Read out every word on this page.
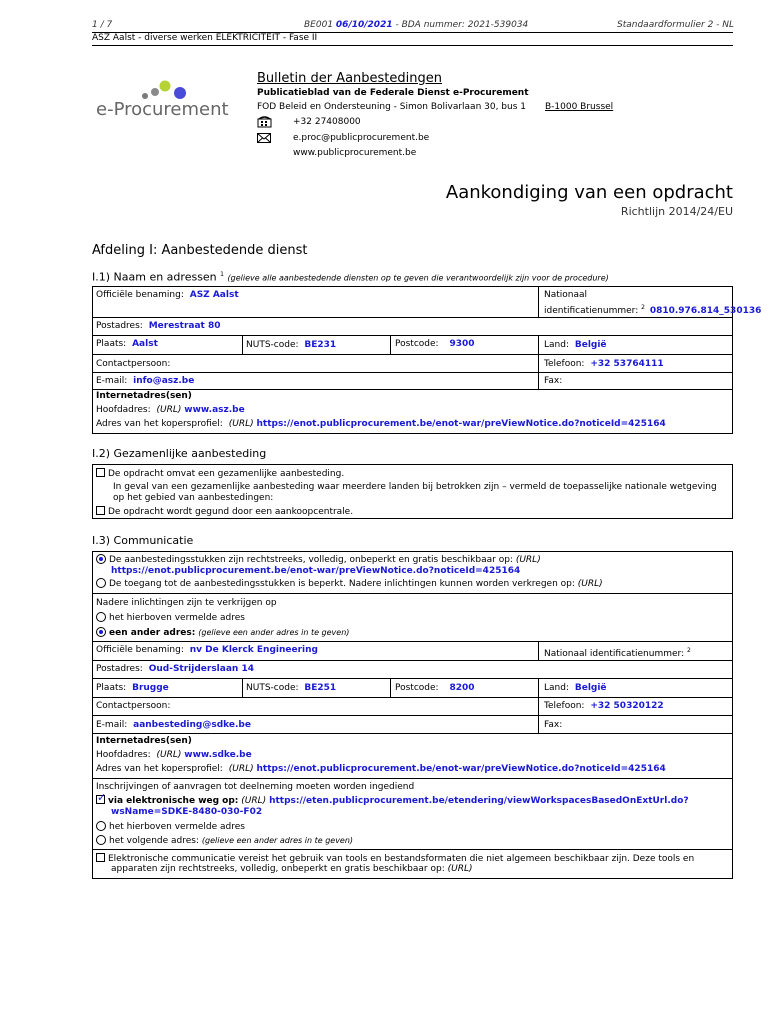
1 / 7	BE001 06/10/2021 - BDA nummer: 2021-539034	Standaardformulier 2 - NL
ASZ Aalst - diverse werken ELEKTRICITEIT - Fase II
e-Procurement
Bulletin der Aanbestedingen
Publicatieblad van de Federale Dienst e-Procurement
FOD Beleid en Ondersteuning - Simon Bolivarlaan 30, bus 1 B-1000 Brussel
+32 27408000
e.proc@publicprocurement.be
www.publicprocurement.be
Aankondiging van een opdracht
Richtlijn 2014/24/EU
Afdeling I: Aanbestedende dienst
I.1) Naam en adressen $^1$ (gelieve alle aanbestedende diensten op te geven die verantwoordelijk zijn voor de procedure)
Officiële benaming: ASZ Aalst	Nationaal
identificatienummer: $^2$ 0810.976.814_530136
Postadres: Merestraat 80
Plaats: Aalst	NUTS-code: BE231	Postcode: 9300	Land: België
Contactpersoon:	Telefoon: +32 53764111
E-mail: info@asz.be	Fax:
Internetadres(sen)
Hoofdadres: (URL) www.asz.be
Adres van het kopersprofiel: (URL) https://enot.publicprocurement.be/enot-war/preViewNotice.do?noticeId=425164
I.2) Gezamenlijke aanbesteding
De opdracht omvat een gezamenlijke aanbesteding.
In geval van een gezamenlijke aanbesteding waar meerdere landen bij betrokken zijn – vermeld de toepasselijke nationale wetgeving
op het gebied van aanbestedingen:
De opdracht wordt gegund door een aankoopcentrale.
I.3) Communicatie
De aanbestedingsstukken zijn rechtstreeks, volledig, onbeperkt en gratis beschikbaar op: (URL)
https://enot.publicprocurement.be/enot-war/preViewNotice.do?noticeId=425164
De toegang tot de aanbestedingsstukken is beperkt. Nadere inlichtingen kunnen worden verkregen op: (URL)
Nadere inlichtingen zijn te verkrijgen op
het hierboven vermelde adres
een ander adres: (gelieve een ander adres in te geven)
Officiële benaming: nv De Klerck Engineering	Nationaal identificatienummer: $^2$
Postadres: Oud-Strijderslaan 14
Plaats: Brugge	NUTS-code: BE251	Postcode: 8200	Land: België
Contactpersoon:	Telefoon: +32 50320122
E-mail: aanbesteding@sdke.be	Fax:
Internetadres(sen)
Hoofdadres: (URL) www.sdke.be
Adres van het kopersprofiel: (URL) https://enot.publicprocurement.be/enot-war/preViewNotice.do?noticeId=425164
Inschrijvingen of aanvragen tot deelneming moeten worden ingediend
✓via elektronische weg op: (URL) https://eten.publicprocurement.be/etendering/viewWorkspacesBasedOnExtUrl.do?
wsName=SDKE-8480-030-F02
het hierboven vermelde adres
het volgende adres: (gelieve een ander adres in te geven)
Elektronische communicatie vereist het gebruik van tools en bestandsformaten die niet algemeen beschikbaar zijn. Deze tools en
apparaten zijn rechtstreeks, volledig, onbeperkt en gratis beschikbaar op: (URL)
